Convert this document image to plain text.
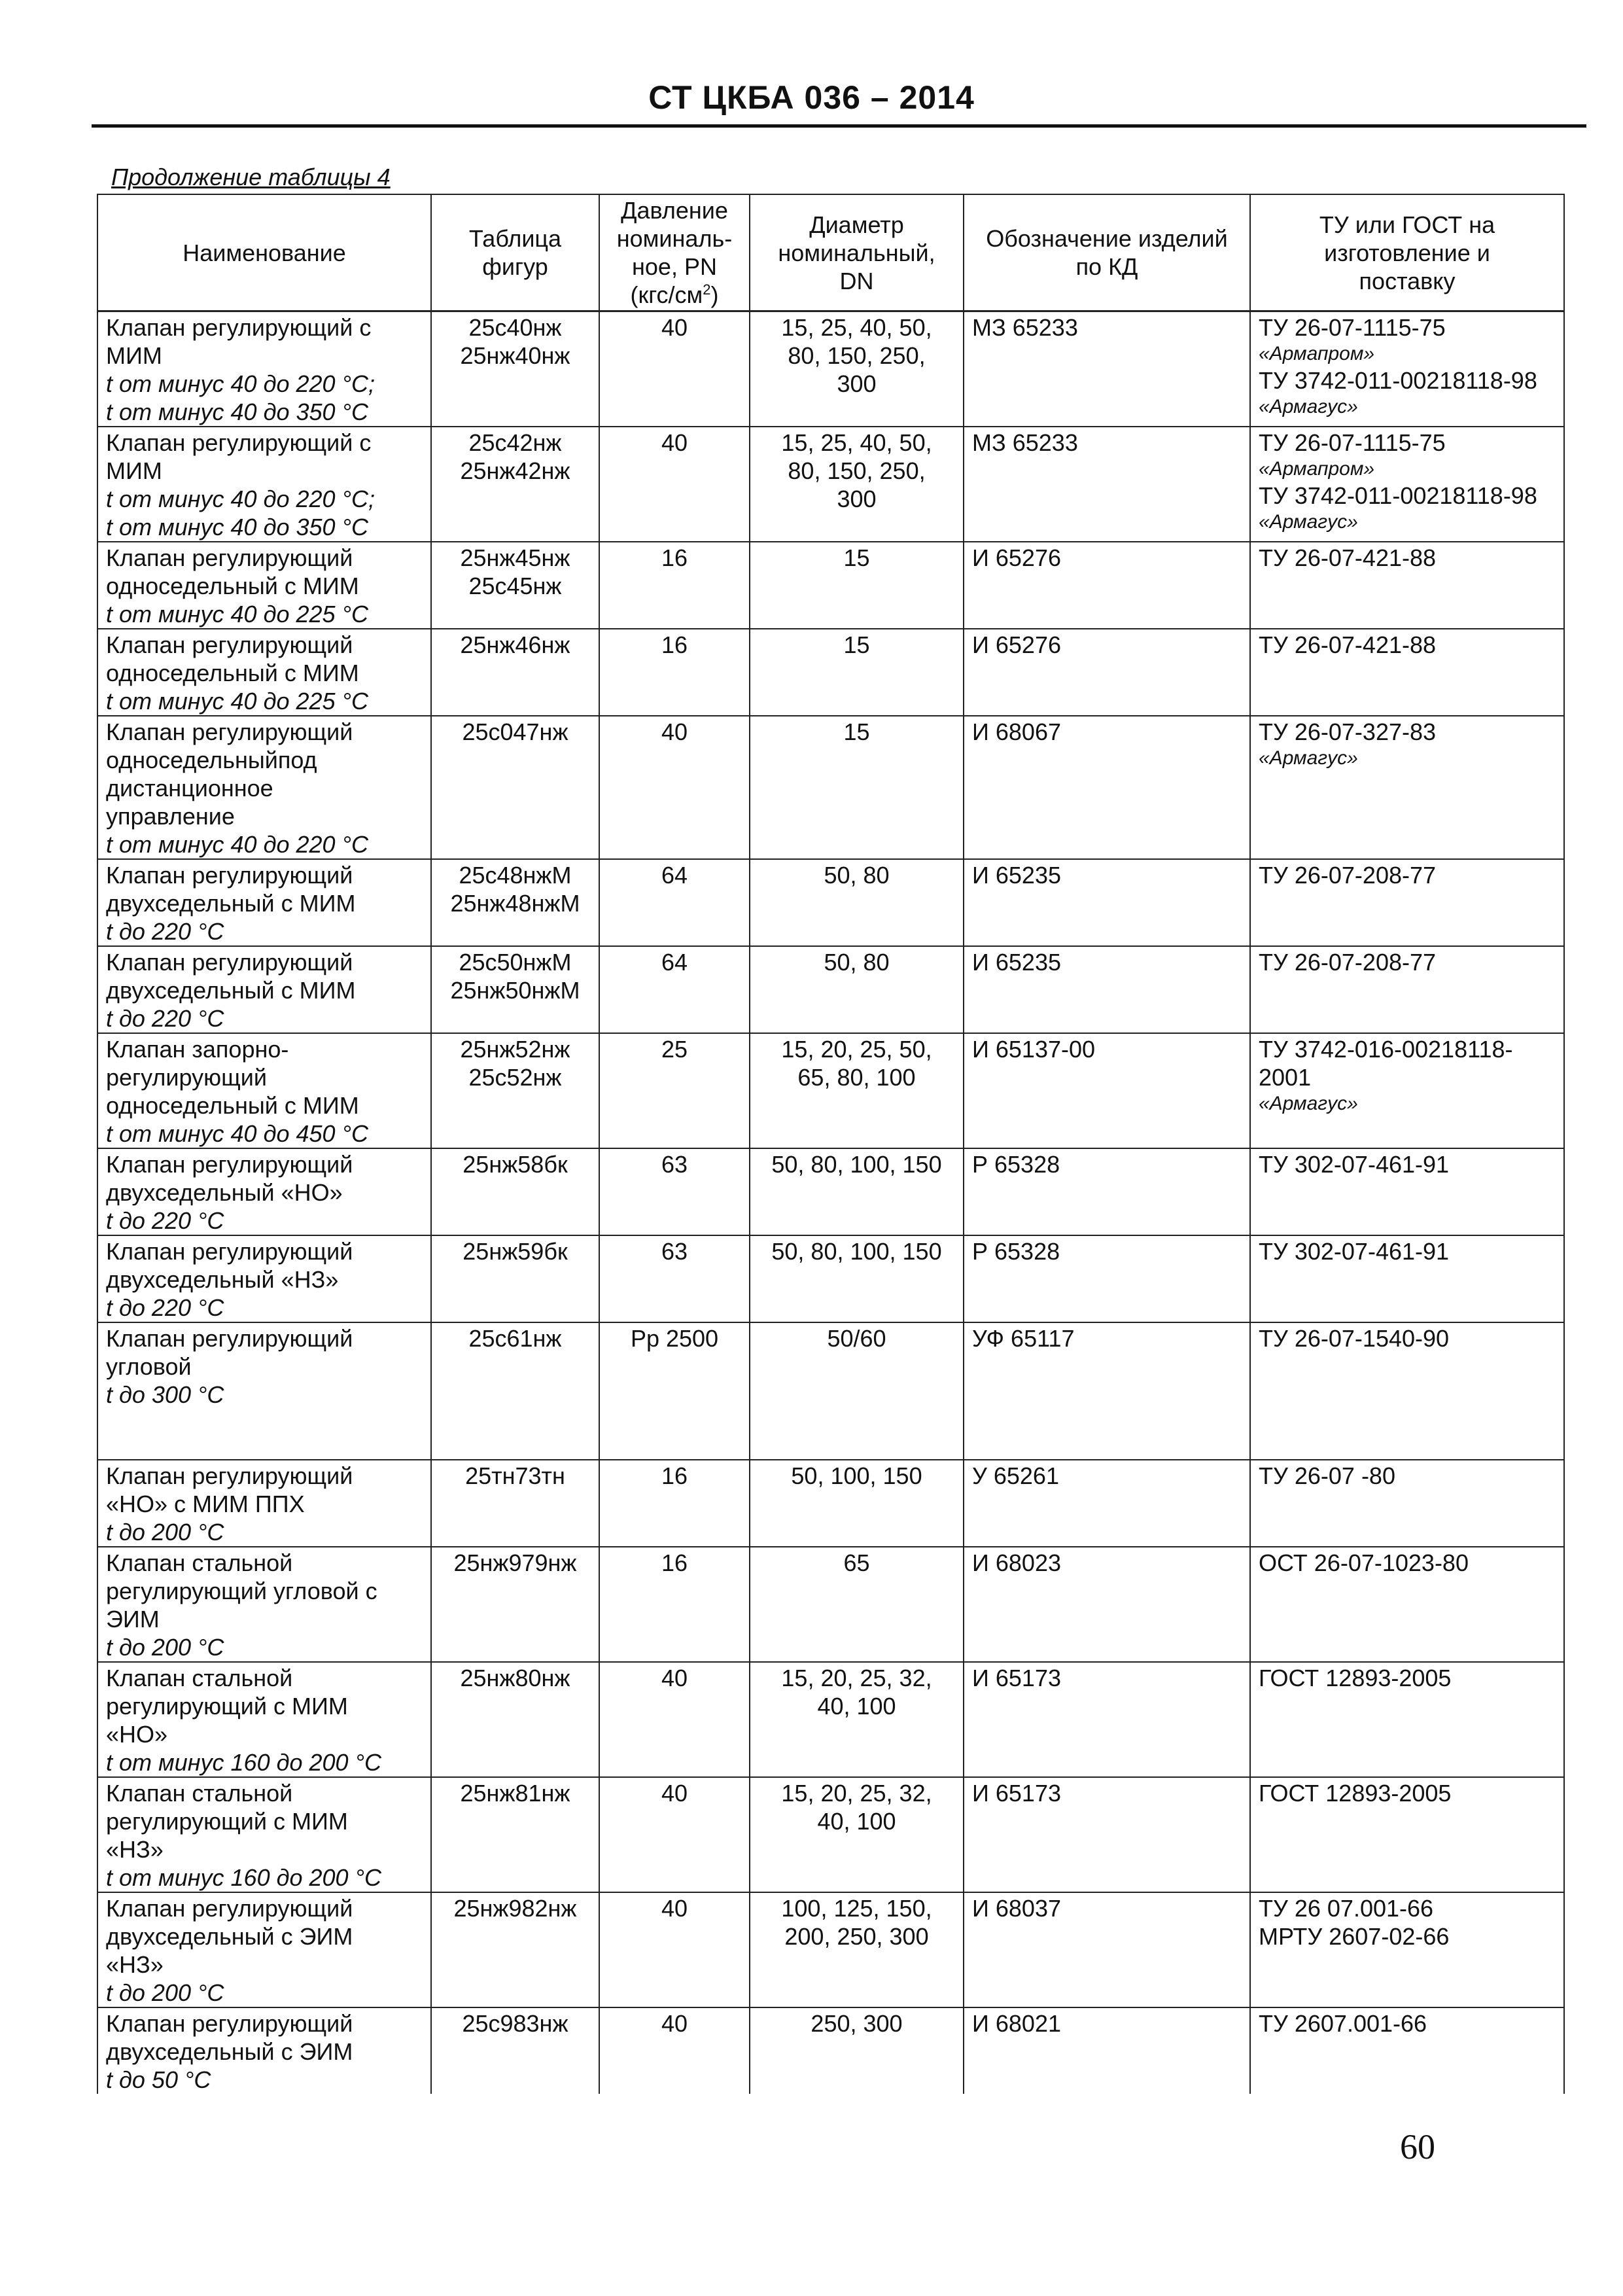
СТ ЦКБА 036 – 2014
Продолжение таблицы 4
Наименование	Таблица
фигур	Давление
номиналь-
ное, PN
$(кгс/см^2)$	Диаметр
номинальный,
DN	Обозначение изделий
по КД	ТУ или ГОСТ на
изготовление и
поставку

Клапан регулирующий с
МИМ
t от минус 40 до 220 °С;
t от минус 40 до 350 °С	25с40нж
25нж40нж	40	15, 25, 40, 50,
80, 150, 250,
300	МЗ 65233	ТУ 26-07-1115-75
«Армапром»
ТУ 3742-011-00218118-98
«Армагус»

Клапан регулирующий с
МИМ
t от минус 40 до 220 °С;
t от минус 40 до 350 °С	25с42нж
25нж42нж	40	15, 25, 40, 50,
80, 150, 250,
300	МЗ 65233	ТУ 26-07-1115-75
«Армапром»
ТУ 3742-011-00218118-98
«Армагус»

Клапан регулирующий
односедельный с МИМ
t от минус 40 до 225 °С	25нж45нж
25с45нж	16	15	И 65276	ТУ 26-07-421-88

Клапан регулирующий
односедельный с МИМ
t от минус 40 до 225 °С	25нж46нж	16	15	И 65276	ТУ 26-07-421-88

Клапан регулирующий
односедельныйпод
дистанционное
управление
t от минус 40 до 220 °С	25с047нж	40	15	И 68067	ТУ 26-07-327-83
«Армагус»

Клапан регулирующий
двухседельный с МИМ
t до 220 °С	25с48нжМ
25нж48нжМ	64	50, 80	И 65235	ТУ 26-07-208-77

Клапан регулирующий
двухседельный с МИМ
t до 220 °С	25с50нжМ
25нж50нжМ	64	50, 80	И 65235	ТУ 26-07-208-77

Клапан запорно-
регулирующий
односедельный с МИМ
t от минус 40 до 450 °С	25нж52нж
25с52нж	25	15, 20, 25, 50,
65, 80, 100	И 65137-00	ТУ 3742-016-00218118-2001
«Армагус»

Клапан регулирующий
двухседельный «НО»
t до 220 °С	25нж58бк	63	50, 80, 100, 150	Р 65328	ТУ 302-07-461-91

Клапан регулирующий
двухседельный «НЗ»
t до 220 °С	25нж59бк	63	50, 80, 100, 150	Р 65328	ТУ 302-07-461-91

Клапан регулирующий
угловой
t до 300 °С	25с61нж	Рр 2500	50/60	УФ 65117	ТУ 26-07-1540-90

Клапан регулирующий
«НО» с МИМ ППХ
t до 200 °С	25тн73тн	16	50, 100, 150	У 65261	ТУ 26-07 -80

Клапан стальной
регулирующий угловой с
ЭИМ
t до 200 °С	25нж979нж	16	65	И 68023	ОСТ 26-07-1023-80

Клапан стальной
регулирующий с МИМ
«НО»
t от минус 160 до 200 °С	25нж80нж	40	15, 20, 25, 32,
40, 100	И 65173	ГОСТ 12893-2005

Клапан стальной
регулирующий с МИМ
«НЗ»
t от минус 160 до 200 °С	25нж81нж	40	15, 20, 25, 32,
40, 100	И 65173	ГОСТ 12893-2005

Клапан регулирующий
двухседельный с ЭИМ
«НЗ»
t до 200 °С	25нж982нж	40	100, 125, 150,
200, 250, 300	И 68037	ТУ 26 07.001-66
МРТУ 2607-02-66

Клапан регулирующий
двухседельный с ЭИМ
t до 50 °С	25с983нж	40	250, 300	И 68021	ТУ 2607.001-66
60
